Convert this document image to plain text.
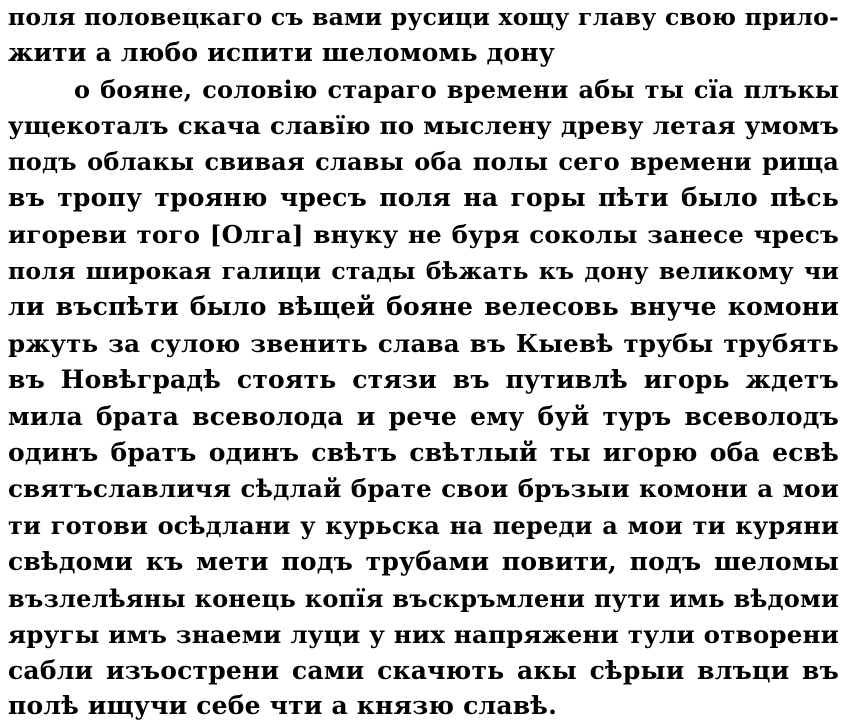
поля половецкаго съ вами русици хощу главу свою прило-
жити а любо испити шеломомь дону
о бояне, соловію стараго времени абы ты сїа плъкы
ущекоталъ скача славїю по мыслену древу летая умомъ
подъ облакы свивая славы оба полы сего времени рища
въ тропу трояню чресъ поля на горы пѣти было пѣсь
игореви того [Олга] внуку не буря соколы занесе чресъ
поля широкая галици стады бѣжать къ дону великому чи
ли въспѣти было вѣщей бояне велесовь внуче комони
ржуть за сулою звенить слава въ Кыевѣ трубы трубять
въ Новѣградѣ стоять стязи въ путивлѣ игорь ждетъ
мила брата всеволода и рече ему буй туръ всеволодъ
одинъ братъ одинъ свѣтъ свѣтлый ты игорю оба есвѣ
святъславличя сѣдлай брате свои бръзыи комони а мои
ти готови осѣдлани у курьска на переди а мои ти куряни
свѣдоми къ мети подъ трубами повити, подъ шеломы
възлелѣяны конець копїя въскръмлени пути имь вѣдоми
яругы имъ знаеми луци у них напряжени тули отворени
сабли изъострени сами скачють акы сѣрыи влъци въ
полѣ ищучи себе чти а князю славѣ.
